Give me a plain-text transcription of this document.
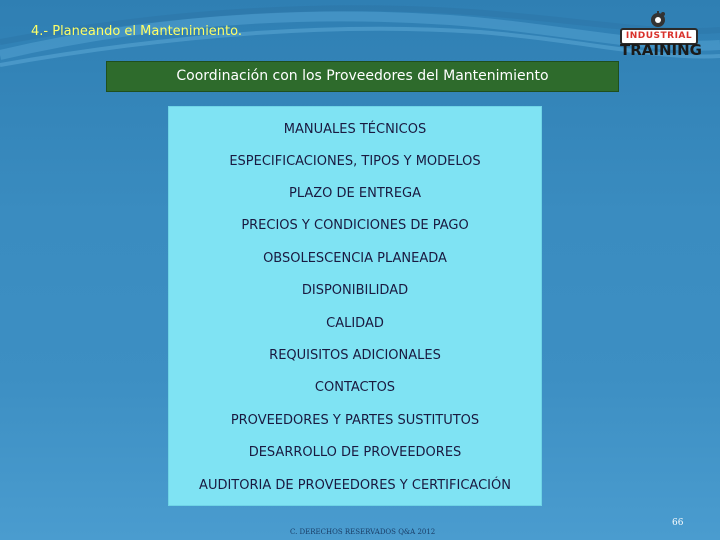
4.- Planeando el Mantenimiento.	INDUSTRIAL
TRAINING
Coordinación con los Proveedores del Mantenimiento
MANUALES TÉCNICOS
ESPECIFICACIONES, TIPOS Y MODELOS
PLAZO DE ENTREGA
PRECIOS Y CONDICIONES DE PAGO
OBSOLESCENCIA PLANEADA
DISPONIBILIDAD
CALIDAD
REQUISITOS ADICIONALES
CONTACTOS
PROVEEDORES Y PARTES SUSTITUTOS
DESARROLLO DE PROVEEDORES
AUDITORIA DE PROVEEDORES Y CERTIFICACIÓN
C. DERECHOS RESERVADOS Q&A 2012
66
